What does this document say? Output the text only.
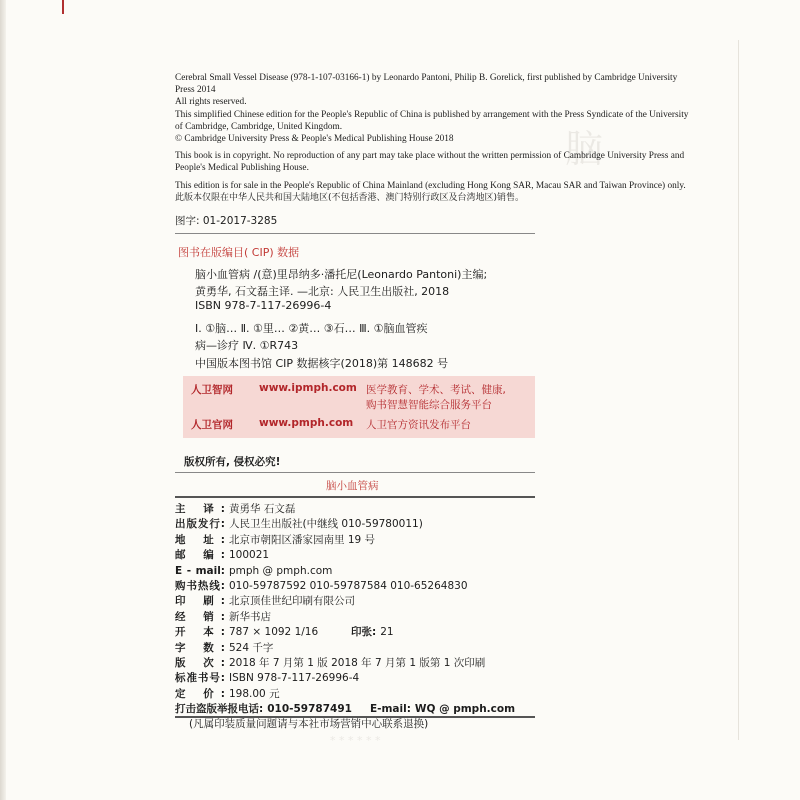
脑

Cerebral Small Vessel Disease (978-1-107-03166-1) by Leonardo Pantoni, Philip B. Gorelick, first published by Cambridge University Press 2014

All rights reserved.

This simplified Chinese edition for the People's Republic of China is published by arrangement with the Press Syndicate of the University of Cambridge, Cambridge, United Kingdom.

© Cambridge University Press & People's Medical Publishing House 2018

This book is in copyright. No reproduction of any part may take place without the written permission of Cambridge University Press and People's Medical Publishing House.

This edition is for sale in the People's Republic of China Mainland (excluding Hong Kong SAR, Macau SAR and Taiwan Province) only.

此版本仅限在中华人民共和国大陆地区(不包括香港、澳门特别行政区及台湾地区)销售。

图字: 01-2017-3285
图书在版编目( CIP) 数据
脑小血管病 /(意)里昂纳多·潘托尼(Leonardo Pantoni)主编;
黄勇华, 石文磊主译. —北京: 人民卫生出版社, 2018
ISBN 978-7-117-26996-4
Ⅰ. ①脑… Ⅱ. ①里… ②黄… ③石… Ⅲ. ①脑血管疾
病—诊疗 Ⅳ. ①R743
中国版本图书馆 CIP 数据核字(2018)第 148682 号
人卫智网 www.ipmph.com 医学教育、学术、考试、健康,
购书智慧智能综合服务平台
人卫官网 www.pmph.com 人卫官方资讯发布平台
版权所有, 侵权必究!
脑小血管病
主 译: 黄勇华 石文磊
出版发行: 人民卫生出版社(中继线 010-59780011)
地 址: 北京市朝阳区潘家园南里 19 号
邮 编: 100021
E - mail: pmph @ pmph.com
购书热线: 010-59787592 010-59787584 010-65264830
印 刷: 北京顶佳世纪印刷有限公司
经 销: 新华书店
开 本: 787 × 1092 1/16	印张: 21
字 数: 524 千字
版 次: 2018 年 7 月第 1 版 2018 年 7 月第 1 版第 1 次印刷
标准书号: ISBN 978-7-117-26996-4
定 价: 198.00 元
打击盗版举报电话: 010-59787491 E-mail: WQ @ pmph.com
(凡属印装质量问题请与本社市场营销中心联系退换)
* * * * * *
